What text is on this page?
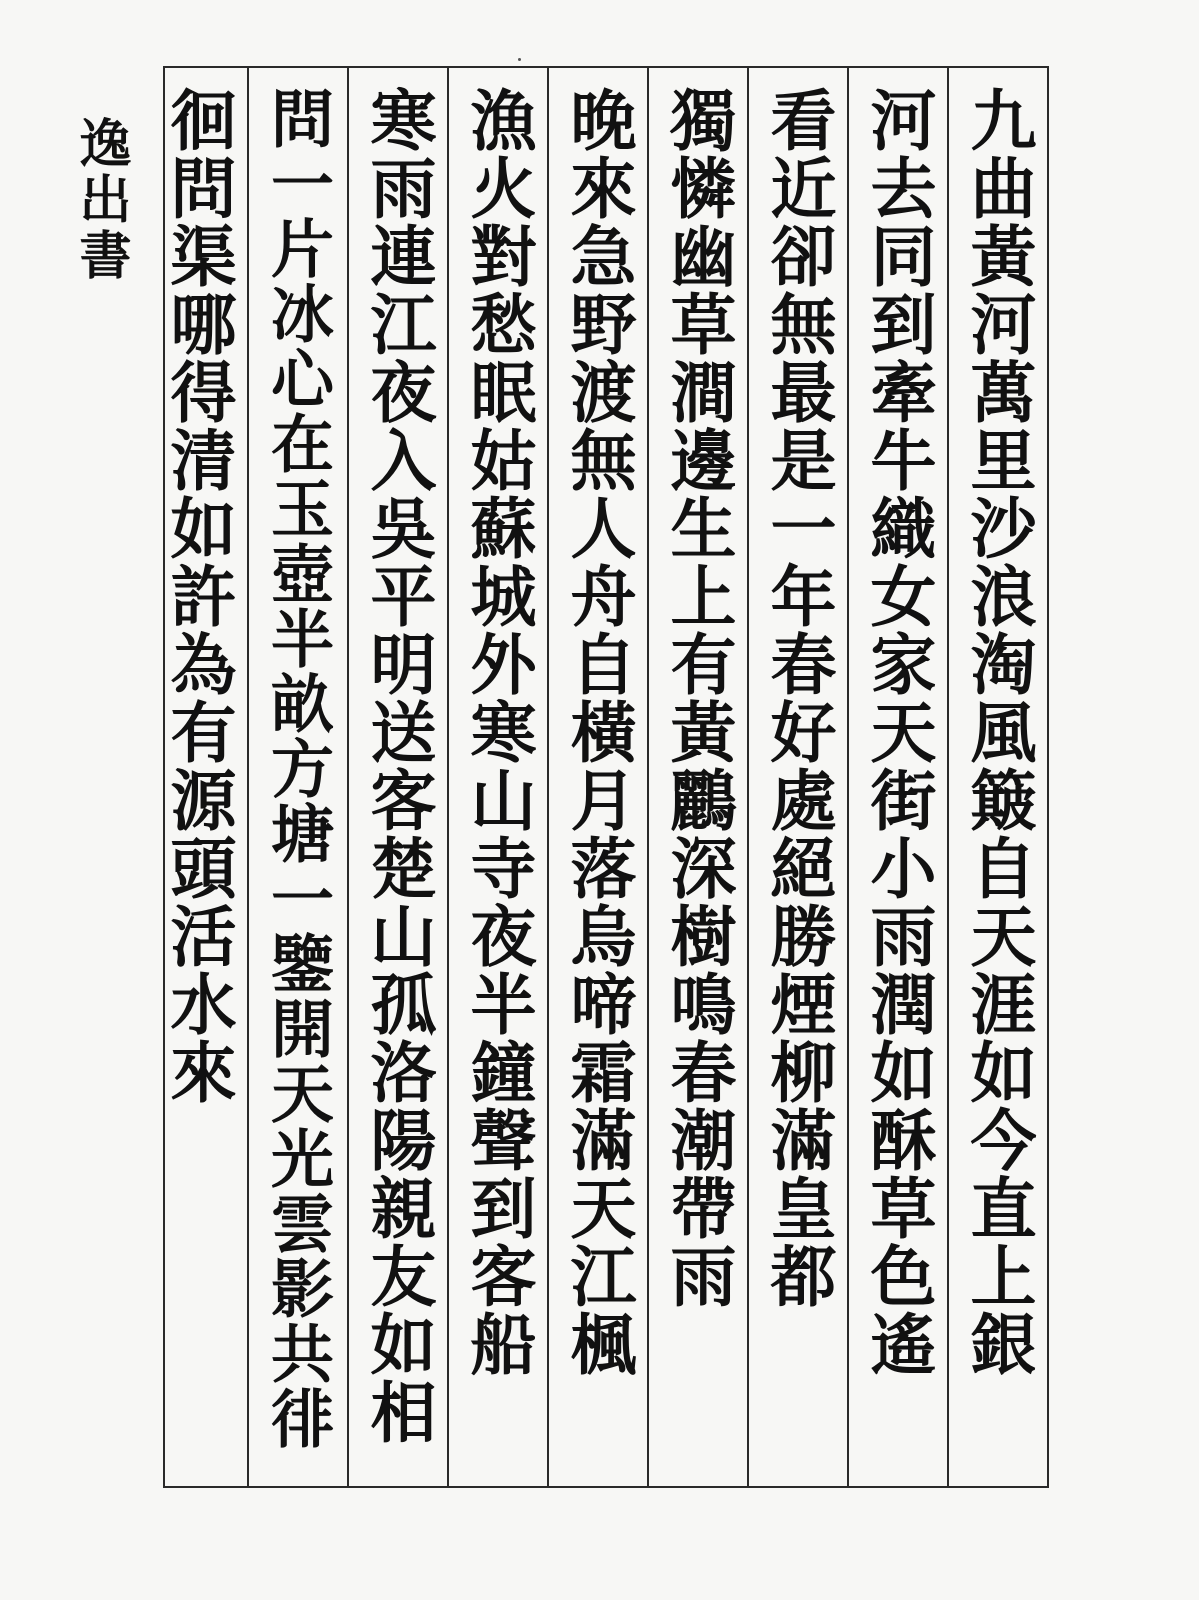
九曲黃河萬里沙浪淘風簸自天涯如今直上銀
河去同到牽牛織女家天街小雨潤如酥草色遙
看近卻無最是一年春好處絕勝煙柳滿皇都
獨憐幽草澗邊生上有黃鸝深樹鳴春潮帶雨
晚來急野渡無人舟自橫月落烏啼霜滿天江楓
漁火對愁眠姑蘇城外寒山寺夜半鐘聲到客船
寒雨連江夜入吳平明送客楚山孤洛陽親友如相
問一片冰心在玉壺半畝方塘一鑒開天光雲影共徘
徊問渠哪得清如許為有源頭活水來
逸出書
